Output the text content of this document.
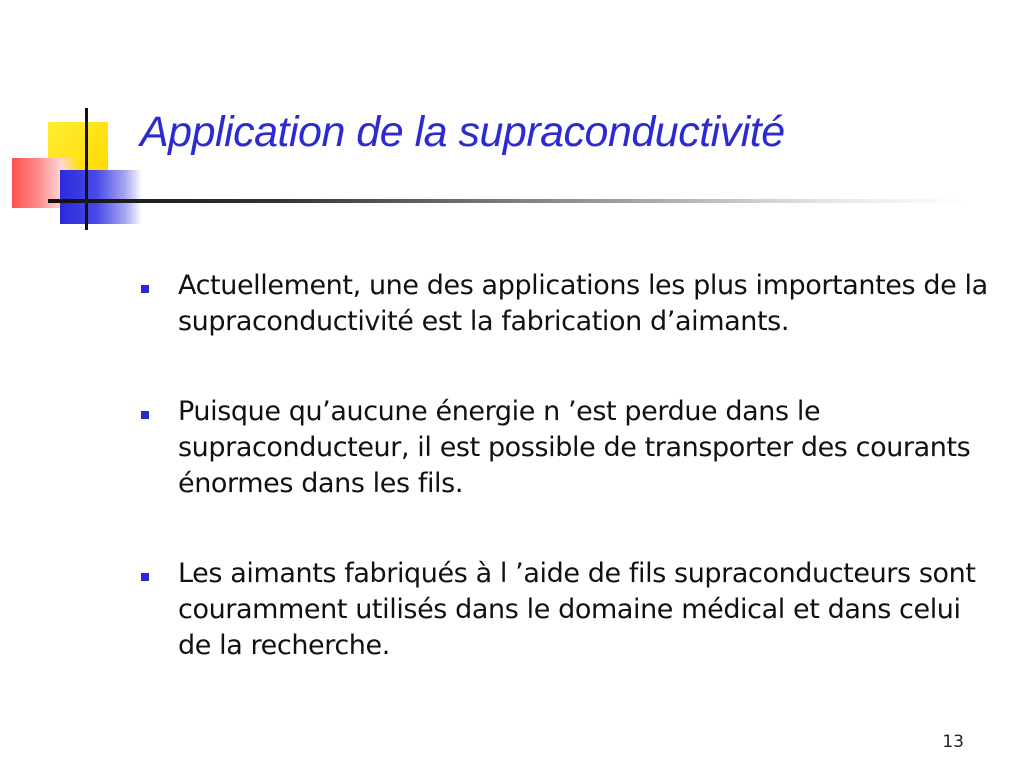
Application de la supraconductivité
Actuellement, une des applications les plus importantes de la supraconductivité est la fabrication d’aimants.
Puisque qu’aucune énergie n ’est perdue dans le supraconducteur, il est possible de transporter des courants énormes dans les fils.
Les aimants fabriqués à l ’aide de fils supraconducteurs sont couramment utilisés dans le domaine médical et dans celui de la recherche.
13
